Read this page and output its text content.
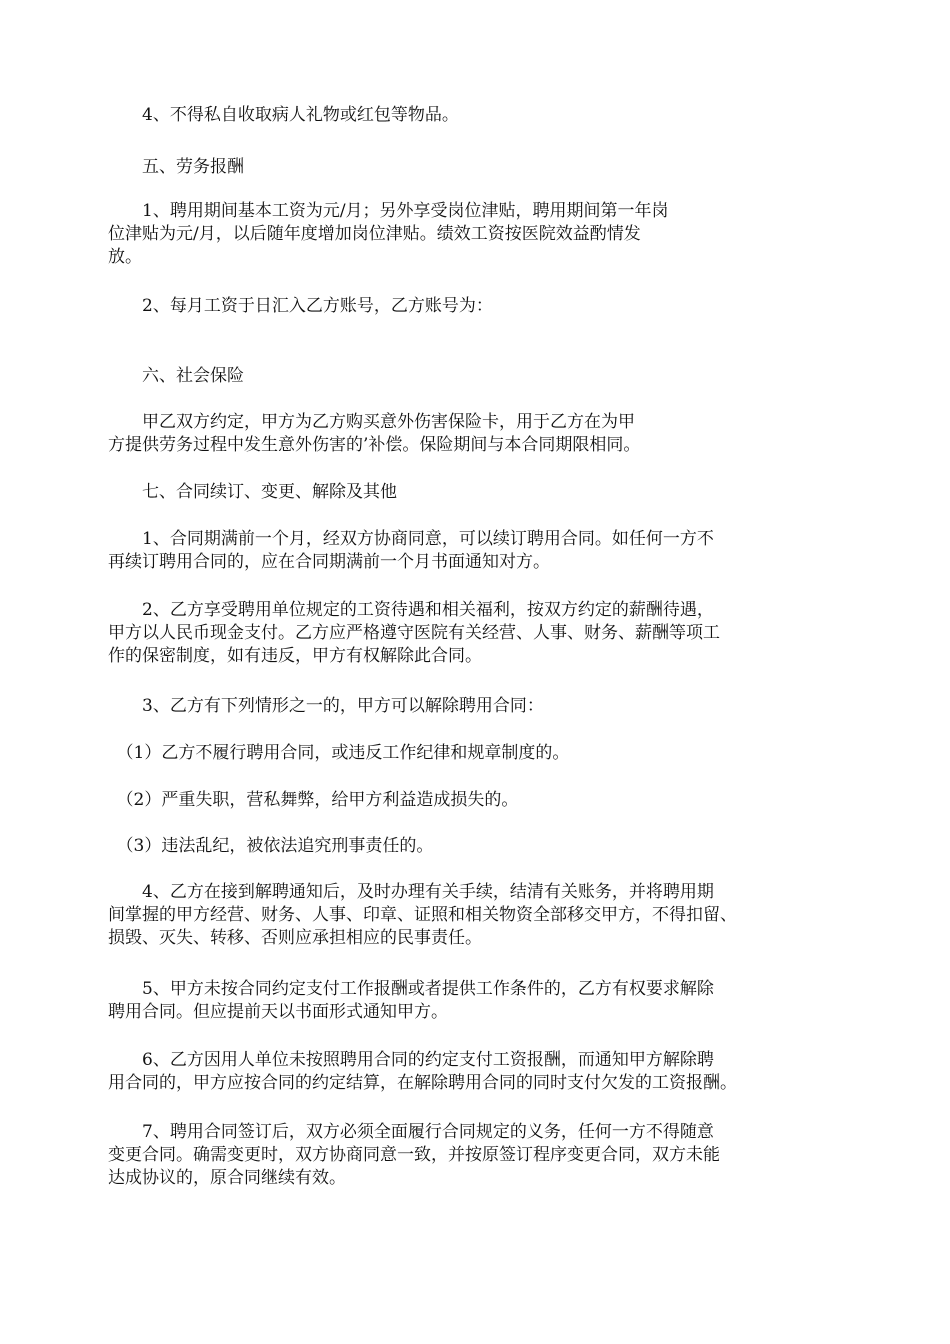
　　4、不得私自收取病人礼物或红包等物品。

　　五、劳务报酬

　　1、聘用期间基本工资为元/月；另外享受岗位津贴，聘用期间第一年岗
位津贴为元/月，以后随年度增加岗位津贴。绩效工资按医院效益酌情发
放。

　　2、每月工资于日汇入乙方账号，乙方账号为：

　　六、社会保险

　　甲乙双方约定，甲方为乙方购买意外伤害保险卡，用于乙方在为甲
方提供劳务过程中发生意外伤害的’补偿。保险期间与本合同期限相同。

　　七、合同续订、变更、解除及其他

　　1、合同期满前一个月，经双方协商同意，可以续订聘用合同。如任何一方不
再续订聘用合同的，应在合同期满前一个月书面通知对方。

　　2、乙方享受聘用单位规定的工资待遇和相关福利，按双方约定的薪酬待遇，
甲方以人民币现金支付。乙方应严格遵守医院有关经营、人事、财务、薪酬等项工
作的保密制度，如有违反，甲方有权解除此合同。

　　3、乙方有下列情形之一的，甲方可以解除聘用合同：

　（1）乙方不履行聘用合同，或违反工作纪律和规章制度的。

　（2）严重失职，营私舞弊，给甲方利益造成损失的。

　（3）违法乱纪，被依法追究刑事责任的。

　　4、乙方在接到解聘通知后，及时办理有关手续，结清有关账务，并将聘用期
间掌握的甲方经营、财务、人事、印章、证照和相关物资全部移交甲方，不得扣留、
损毁、灭失、转移、否则应承担相应的民事责任。

　　5、甲方未按合同约定支付工作报酬或者提供工作条件的，乙方有权要求解除
聘用合同。但应提前天以书面形式通知甲方。

　　6、乙方因用人单位未按照聘用合同的约定支付工资报酬，而通知甲方解除聘
用合同的，甲方应按合同的约定结算，在解除聘用合同的同时支付欠发的工资报酬。

　　7、聘用合同签订后，双方必须全面履行合同规定的义务，任何一方不得随意
变更合同。确需变更时，双方协商同意一致，并按原签订程序变更合同，双方未能
达成协议的，原合同继续有效。
